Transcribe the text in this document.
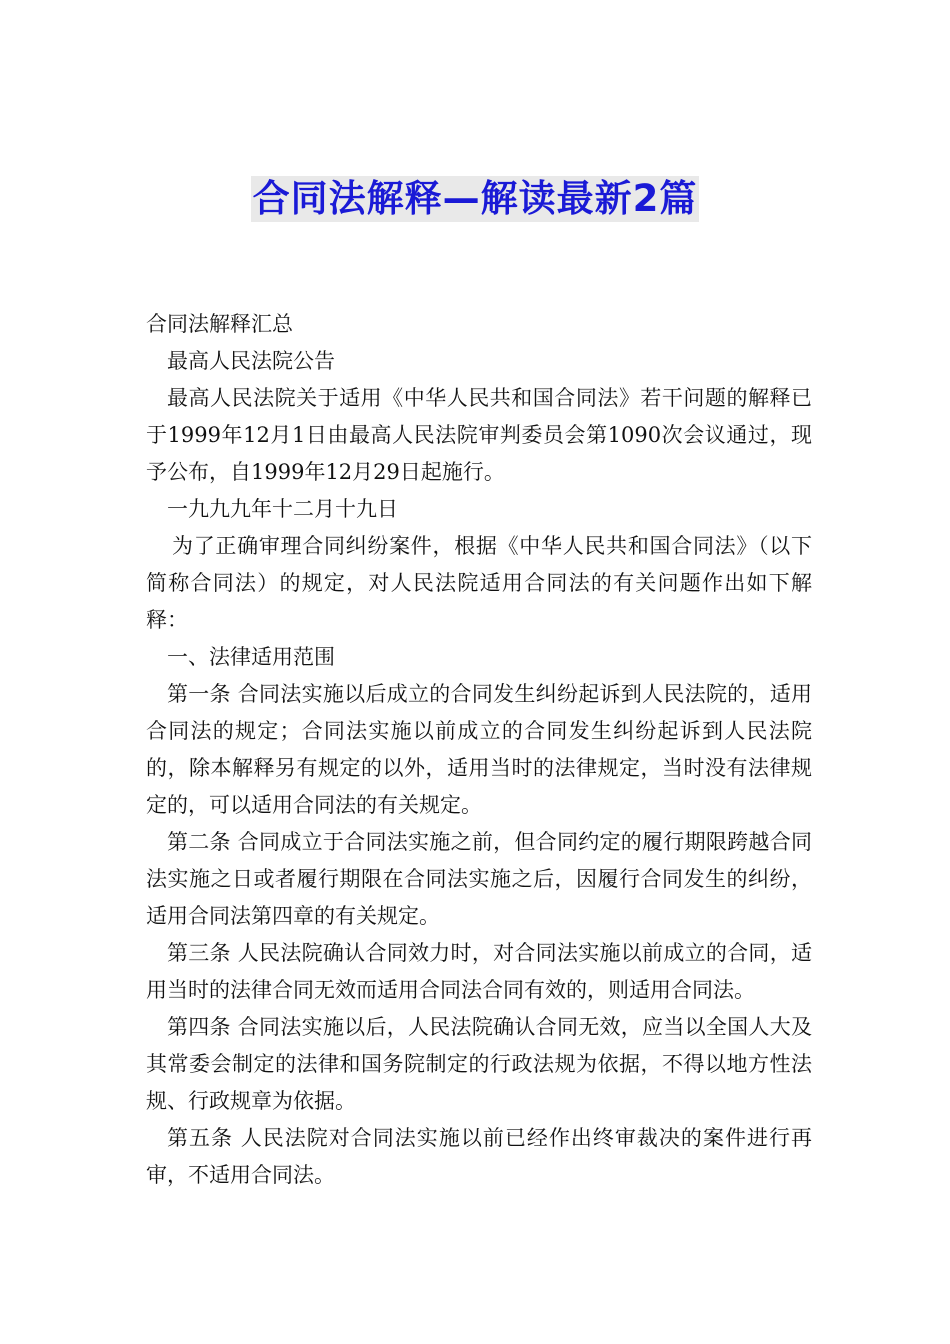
合同法解释—解读最新2篇

合同法解释汇总

最高人民法院公告

最高人民法院关于适用《中华人民共和国合同法》若干问题的解释已于1999年12月1日由最高人民法院审判委员会第1090次会议通过，现予公布，自1999年12月29日起施行。

一九九九年十二月十九日

为了正确审理合同纠纷案件，根据《中华人民共和国合同法》（以下简称合同法）的规定，对人民法院适用合同法的有关问题作出如下解释：

一、法律适用范围

第一条 合同法实施以后成立的合同发生纠纷起诉到人民法院的，适用合同法的规定；合同法实施以前成立的合同发生纠纷起诉到人民法院的，除本解释另有规定的以外，适用当时的法律规定，当时没有法律规定的，可以适用合同法的有关规定。

第二条 合同成立于合同法实施之前，但合同约定的履行期限跨越合同法实施之日或者履行期限在合同法实施之后，因履行合同发生的纠纷，适用合同法第四章的有关规定。

第三条 人民法院确认合同效力时，对合同法实施以前成立的合同，适用当时的法律合同无效而适用合同法合同有效的，则适用合同法。

第四条 合同法实施以后，人民法院确认合同无效，应当以全国人大及其常委会制定的法律和国务院制定的行政法规为依据，不得以地方性法规、行政规章为依据。

第五条 人民法院对合同法实施以前已经作出终审裁决的案件进行再审，不适用合同法。
